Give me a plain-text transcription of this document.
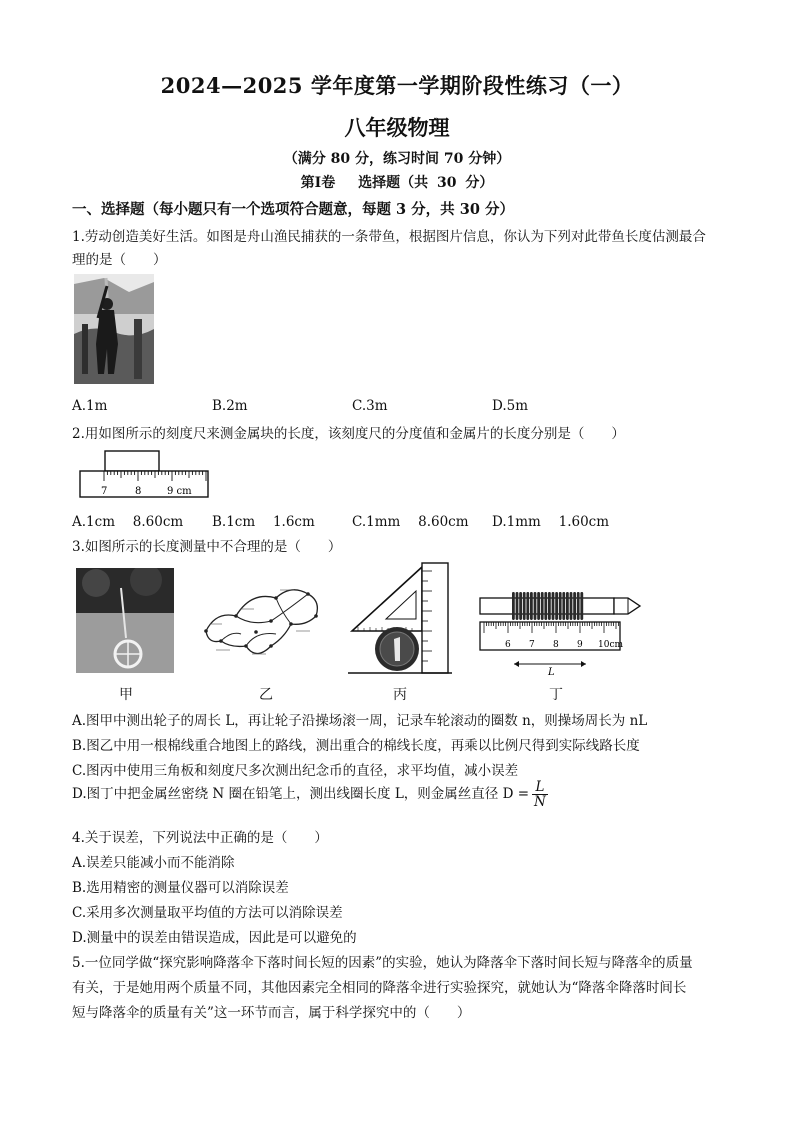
2024—2025 学年度第一学期阶段性练习（一）
八年级物理
（满分 80 分，练习时间 70 分钟）
第Ⅰ卷　 选择题（共 30 分）
一、选择题（每小题只有一个选项符合题意，每题 3 分，共 30 分）
1.劳动创造美好生活。如图是舟山渔民捕获的一条带鱼，根据图片信息，你认为下列对此带鱼长度估测最合
理的是（　　）
A.1m	B.2m	C.3m	D.5m
2.用如图所示的刻度尺来测金属块的长度，该刻度尺的分度值和金属片的长度分别是（　　）
7	8	9 cm
A.1cm　 8.60cm B.1cm　 1.6cm	C.1mm　 8.60cm D.1mm　 1.60cm
3.如图所示的长度测量中不合理的是（　　）
6 7 8 9 10cm
L
甲	乙	丙	丁
A.图甲中测出轮子的周长 L，再让轮子沿操场滚一周，记录车轮滚动的圈数 n，则操场周长为 nL
B.图乙中用一根棉线重合地图上的路线，测出重合的棉线长度，再乘以比例尺得到实际线路长度
C.图丙中使用三角板和刻度尺多次测出纪念币的直径，求平均值，减小误差
D.图丁中把金属丝密绕 N 圈在铅笔上，测出线圈长度 L，则金属丝直径 $D = \frac{L}{N}$
4.关于误差，下列说法中正确的是（　　）
A.误差只能减小而不能消除
B.选用精密的测量仪器可以消除误差
C.采用多次测量取平均值的方法可以消除误差
D.测量中的误差由错误造成，因此是可以避免的
5.一位同学做“探究影响降落伞下落时间长短的因素”的实验，她认为降落伞下落时间长短与降落伞的质量
有关，于是她用两个质量不同，其他因素完全相同的降落伞进行实验探究，就她认为“降落伞降落时间长
短与降落伞的质量有关”这一环节而言，属于科学探究中的（　　）
